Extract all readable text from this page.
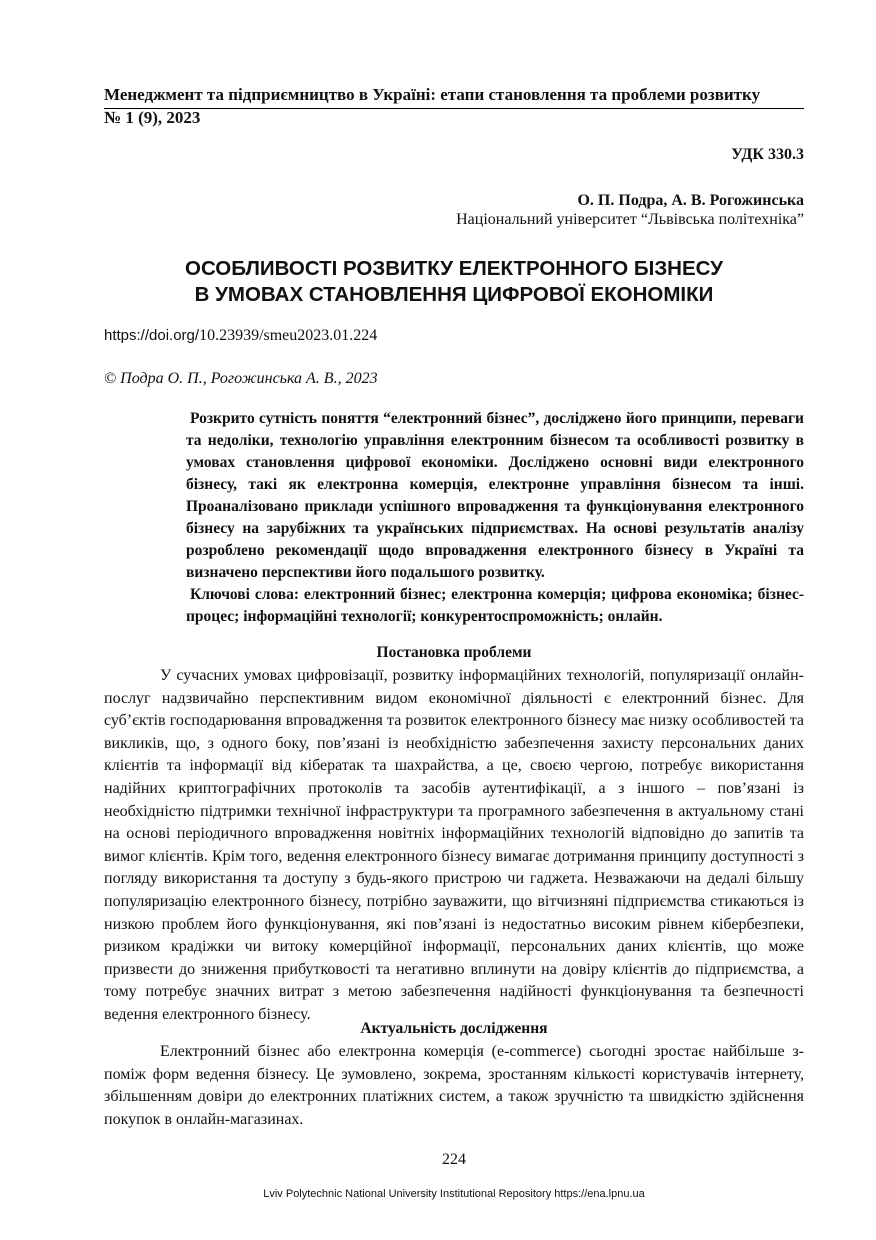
Менеджмент та підприємництво в Україні: етапи становлення та проблеми розвитку
№ 1 (9), 2023
УДК 330.3
О. П. Подра, А. В. Рогожинська
Національний університет “Львівська політехніка”
ОСОБЛИВОСТІ РОЗВИТКУ ЕЛЕКТРОННОГО БІЗНЕСУ
В УМОВАХ СТАНОВЛЕННЯ ЦИФРОВОЇ ЕКОНОМІКИ
https://doi.org/10.23939/smeu2023.01.224
© Подра О. П., Рогожинська А. В., 2023

Розкрито сутність поняття “електронний бізнес”, досліджено його принципи, переваги та недоліки, технологію управління електронним бізнесом та особливості розвитку в умовах становлення цифрової економіки. Досліджено основні види електронного бізнесу, такі як електронна комерція, електронне управління бізнесом та інші. Проаналізовано приклади успішного впровадження та функціонування електронного бізнесу на зарубіжних та українських підприємствах. На основі результатів аналізу розроблено рекомендації щодо впровадження електронного бізнесу в Україні та визначено перспективи його подальшого розвитку.

Ключові слова: електронний бізнес; електронна комерція; цифрова економіка; бізнес-процес; інформаційні технології; конкурентоспроможність; онлайн.

Постановка проблеми

У сучасних умовах цифровізації, розвитку інформаційних технологій, популяризації онлайн-послуг надзвичайно перспективним видом економічної діяльності є електронний бізнес. Для суб’єктів господарювання впровадження та розвиток електронного бізнесу має низку особливостей та викликів, що, з одного боку, пов’язані із необхідністю забезпечення захисту персональних даних клієнтів та інформації від кібератак та шахрайства, а це, своєю чергою, потребує використання надійних криптографічних протоколів та засобів аутентифікації, а з іншого – пов’язані із необхідністю підтримки технічної інфраструктури та програмного забезпечення в актуальному стані на основі періодичного впровадження новітніх інформаційних технологій відповідно до запитів та вимог клієнтів. Крім того, ведення електронного бізнесу вимагає дотримання принципу доступності з погляду використання та доступу з будь-якого пристрою чи гаджета. Незважаючи на дедалі більшу популяризацію електронного бізнесу, потрібно зауважити, що вітчизняні підприємства стикаються із низкою проблем його функціонування, які пов’язані із недостатньо високим рівнем кібербезпеки, ризиком крадіжки чи витоку комерційної інформації, персональних даних клієнтів, що може призвести до зниження прибутковості та негативно вплинути на довіру клієнтів до підприємства, а тому потребує значних витрат з метою забезпечення надійності функціонування та безпечності ведення електронного бізнесу.

Актуальність дослідження

Електронний бізнес або електронна комерція (e-commerce) сьогодні зростає найбільше з-поміж форм ведення бізнесу. Це зумовлено, зокрема, зростанням кількості користувачів інтернету, збільшенням довіри до електронних платіжних систем, а також зручністю та швидкістю здійснення покупок в онлайн-магазинах.

224
Lviv Polytechnic National University Institutional Repository https://ena.lpnu.ua
